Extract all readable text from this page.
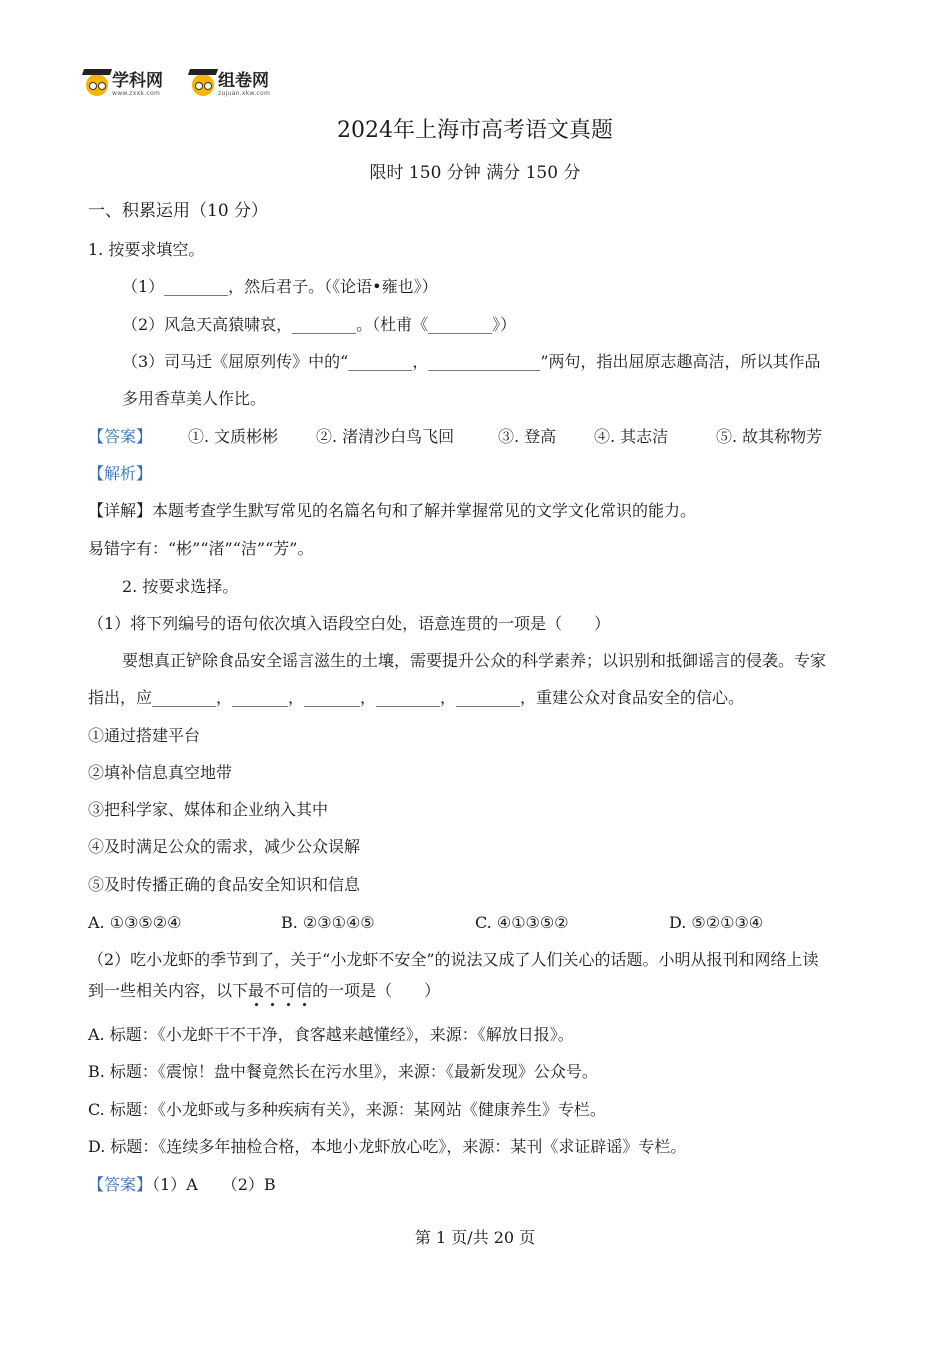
学科网
www.zxxk.com
组卷网
zujuan.xkw.com
2024年上海市高考语文真题
限时 150 分钟 满分 150 分
一、积累运用（10 分）
1. 按要求填空。
（1）________，然后君子。（《论语•雍也》）
（2）风急天高猿啸哀，________。（杜甫《________》）
（3）司马迁《屈原列传》中的“________，______________”两句，指出屈原志趣高洁，所以其作品
多用香草美人作比。
【答案】 ①. 文质彬彬 ②. 渚清沙白鸟飞回	③. 登高 ④. 其志洁	⑤. 故其称物芳
【解析】
【详解】本题考查学生默写常见的名篇名句和了解并掌握常见的文学文化常识的能力。
易错字有：“彬”“渚”“洁”“芳”。
2. 按要求选择。
（1）将下列编号的语句依次填入语段空白处，语意连贯的一项是（　　）
要想真正铲除食品安全谣言滋生的土壤，需要提升公众的科学素养；以识别和抵御谣言的侵袭。专家
指出，应________，_______，_______，________，________，重建公众对食品安全的信心。
①通过搭建平台
②填补信息真空地带
③把科学家、媒体和企业纳入其中
④及时满足公众的需求，减少公众误解
⑤及时传播正确的食品安全知识和信息
A. ①③⑤②④	B. ②③①④⑤	C. ④①③⑤②	D. ⑤②①③④
（2）吃小龙虾的季节到了，关于“小龙虾不安全”的说法又成了人们关心的话题。小明从报刊和网络上读
到一些相关内容，以下最不可信的一项是（　　）
A. 标题：《小龙虾干不干净，食客越来越懂经》，来源：《解放日报》。
B. 标题：《震惊！盘中餐竟然长在污水里》，来源：《最新发现》公众号。
C. 标题：《小龙虾或与多种疾病有关》，来源：某网站《健康养生》专栏。
D. 标题：《连续多年抽检合格，本地小龙虾放心吃》，来源：某刊《求证辟谣》专栏。
【答案】（1）A　　（2）B
第 1 页/共 20 页
